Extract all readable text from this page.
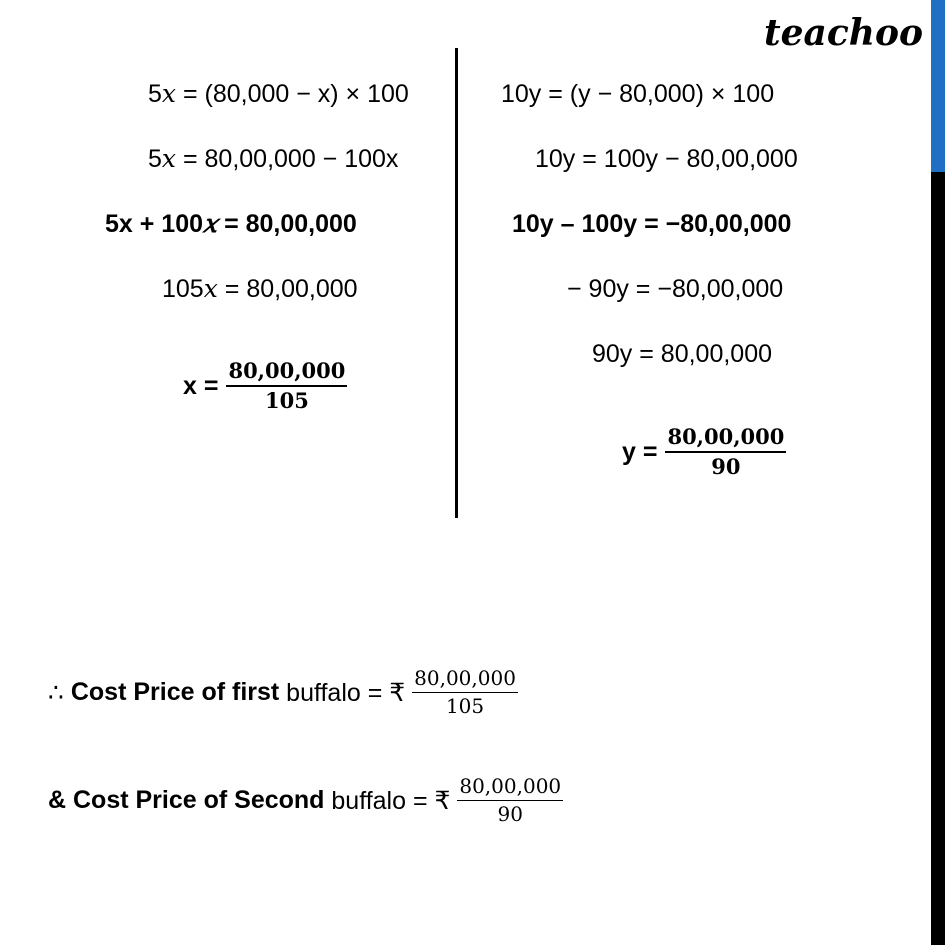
teachoo
5𝑥 = (80,000 − x) × 100
5𝑥 = 80,00,000 − 100x
5x + 100𝑥 = 80,00,000
105𝑥 = 80,00,000
$x = \frac{80,00,000}{105}$
10y = (y − 80,000) × 100
10y = 100y − 80,00,000
10y – 100y = −80,00,000
− 90y = −80,00,000
90y = 80,00,000
$y = \frac{80,00,000}{90}$
∴ Cost Price of first buffalo = ₹ $\frac{80,00,000}{105}$
& Cost Price of Second buffalo = ₹ $\frac{80,00,000}{90}$
